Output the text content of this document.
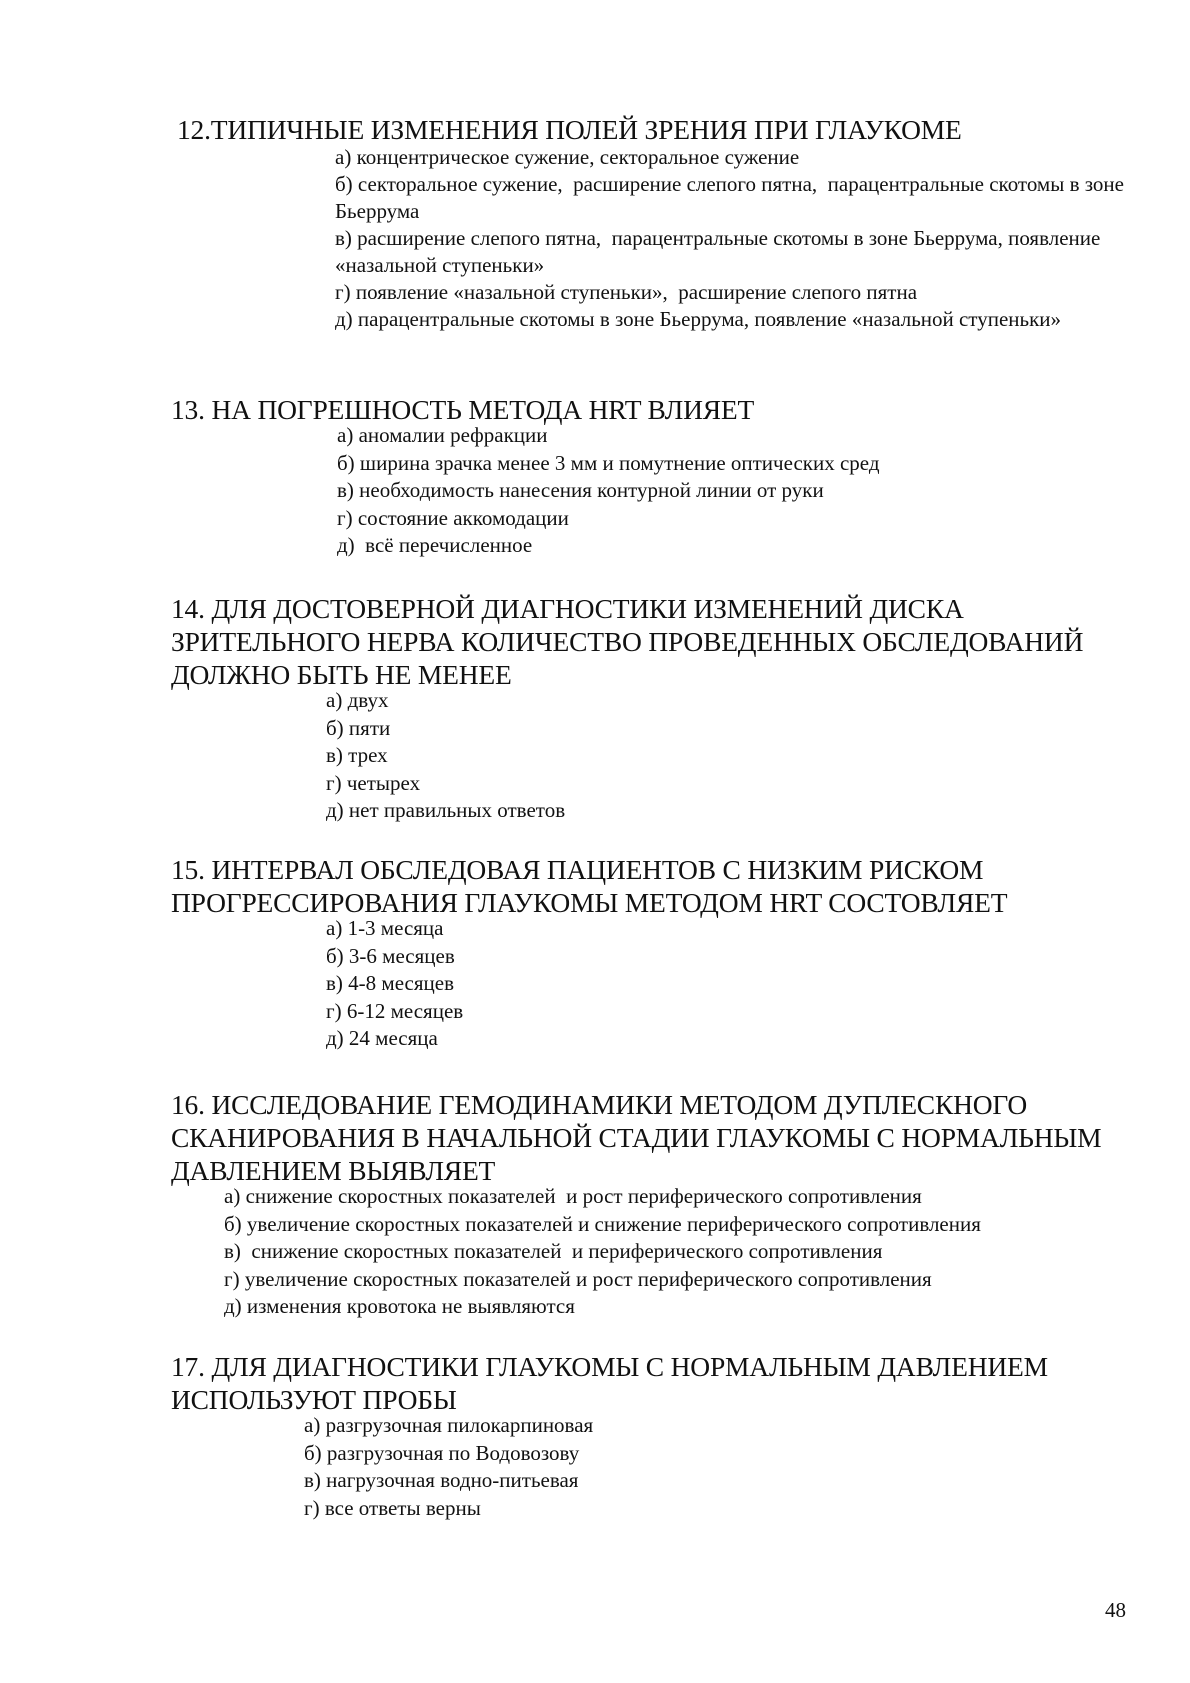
12.ТИПИЧНЫЕ ИЗМЕНЕНИЯ ПОЛЕЙ ЗРЕНИЯ ПРИ ГЛАУКОМЕ

а) концентрическое сужение, секторальное сужение
б) секторальное сужение,  расширение слепого пятна,  парацентральные скотомы в зоне Бьеррума
в) расширение слепого пятна,  парацентральные скотомы в зоне Бьеррума, появление «назальной ступеньки»
г) появление «назальной ступеньки»,  расширение слепого пятна
д) парацентральные скотомы в зоне Бьеррума, появление «назальной ступеньки»

13. НА ПОГРЕШНОСТЬ МЕТОДА HRT ВЛИЯЕТ

а) аномалии рефракции
б) ширина зрачка менее 3 мм и помутнение оптических сред
в) необходимость нанесения контурной линии от руки
г) состояние аккомодации
д)  всё перечисленное

14. ДЛЯ ДОСТОВЕРНОЙ ДИАГНОСТИКИ ИЗМЕНЕНИЙ ДИСКА ЗРИТЕЛЬНОГО НЕРВА КОЛИЧЕСТВО ПРОВЕДЕННЫХ ОБСЛЕДОВАНИЙ ДОЛЖНО БЫТЬ НЕ МЕНЕЕ

а) двух
б) пяти
в) трех
г) четырех
д) нет правильных ответов

15. ИНТЕРВАЛ ОБСЛЕДОВАЯ ПАЦИЕНТОВ С НИЗКИМ РИСКОМ ПРОГРЕССИРОВАНИЯ ГЛАУКОМЫ МЕТОДОМ HRT СОСТОВЛЯЕТ

а) 1-3 месяца
б) 3-6 месяцев
в) 4-8 месяцев
г) 6-12 месяцев
д) 24 месяца

16. ИССЛЕДОВАНИЕ ГЕМОДИНАМИКИ МЕТОДОМ ДУПЛЕСКНОГО СКАНИРОВАНИЯ В НАЧАЛЬНОЙ СТАДИИ ГЛАУКОМЫ С НОРМАЛЬНЫМ ДАВЛЕНИЕМ ВЫЯВЛЯЕТ

а) снижение скоростных показателей  и рост периферического сопротивления
б) увеличение скоростных показателей и снижение периферического сопротивления
в)  снижение скоростных показателей  и периферического сопротивления
г) увеличение скоростных показателей и рост периферического сопротивления
д) изменения кровотока не выявляются

17. ДЛЯ ДИАГНОСТИКИ ГЛАУКОМЫ С НОРМАЛЬНЫМ ДАВЛЕНИЕМ ИСПОЛЬЗУЮТ ПРОБЫ

а) разгрузочная пилокарпиновая
б) разгрузочная по Водовозову
в) нагрузочная водно-питьевая
г) все ответы верны
48
